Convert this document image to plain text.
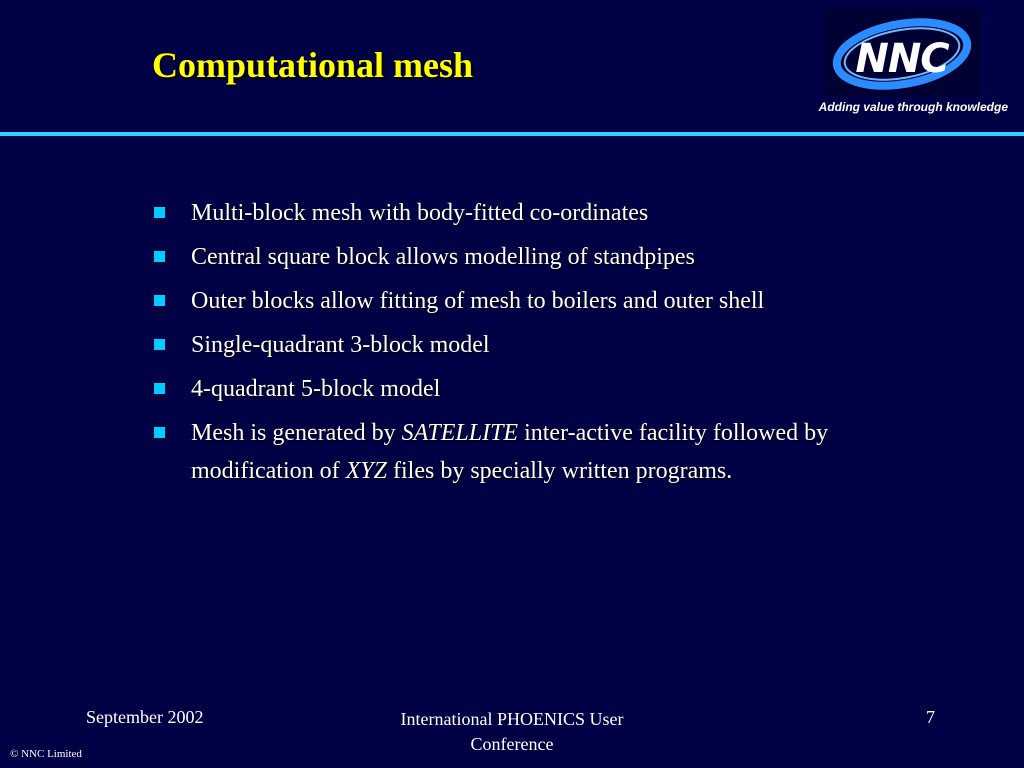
Computational mesh	NNC
Adding value through knowledge
Multi-block mesh with body-fitted co-ordinates
Central square block allows modelling of standpipes
Outer blocks allow fitting of mesh to boilers and outer shell
Single-quadrant 3-block model
4-quadrant 5-block model
Mesh is generated by SATELLITE inter-active facility followed by modification of XYZ files by specially written programs.
September 2002	International PHOENICS User Conference
7
© NNC Limited
